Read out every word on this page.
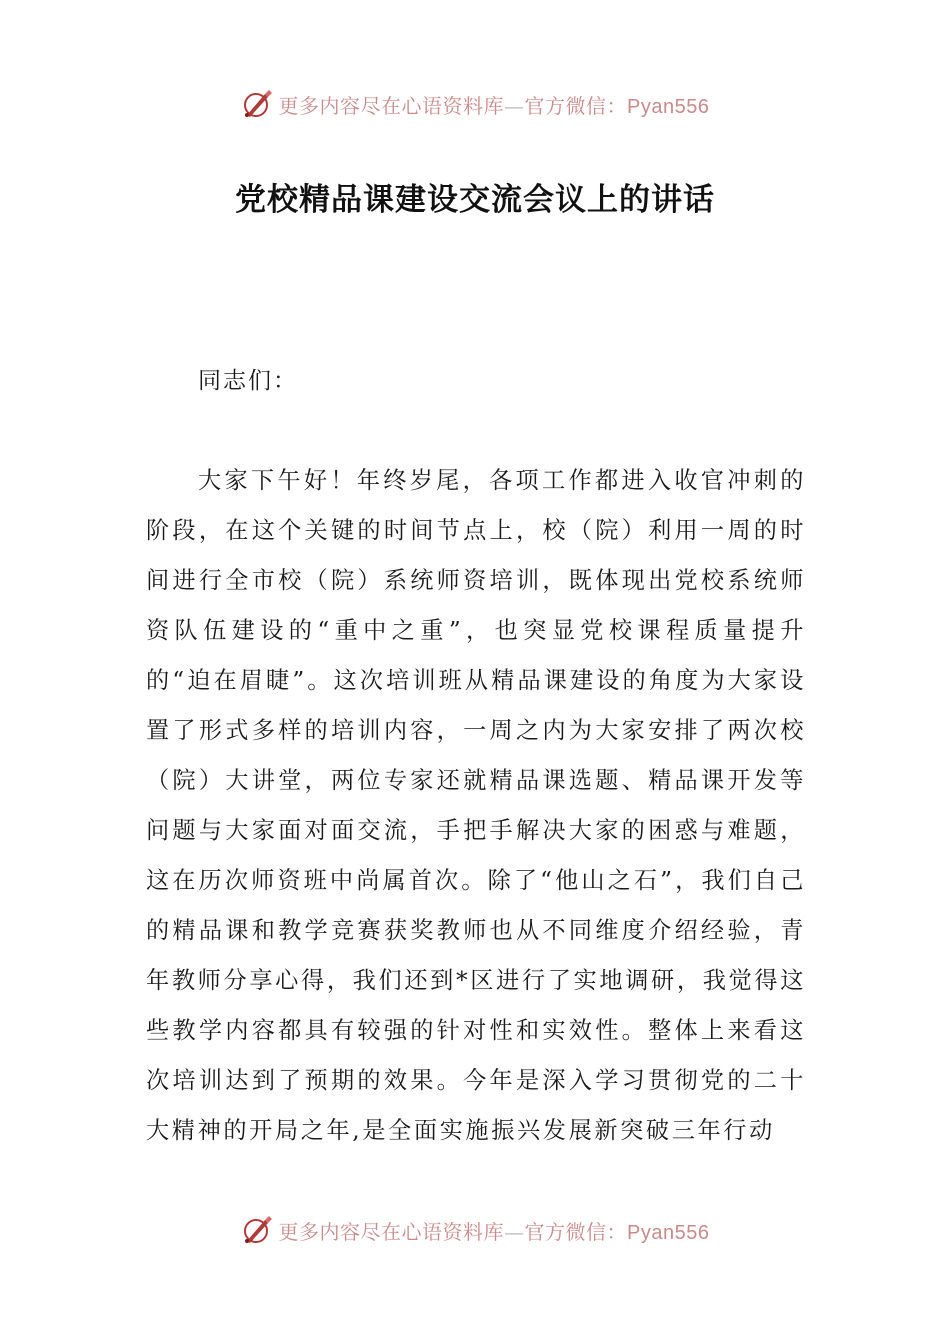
更多内容尽在心语资料库—官方微信：Pyan556
党校精品课建设交流会议上的讲话

同志们：

大家下午好！年终岁尾，各项工作都进入收官冲刺的阶段，在这个关键的时间节点上，校（院）利用一周的时间进行全市校（院）系统师资培训，既体现出党校系统师资队伍建设的“重中之重”，也突显党校课程质量提升的“迫在眉睫”。这次培训班从精品课建设的角度为大家设置了形式多样的培训内容，一周之内为大家安排了两次校（院）大讲堂，两位专家还就精品课选题、精品课开发等问题与大家面对面交流，手把手解决大家的困惑与难题，这在历次师资班中尚属首次。除了“他山之石”，我们自己的精品课和教学竞赛获奖教师也从不同维度介绍经验，青年教师分享心得，我们还到*区进行了实地调研，我觉得这些教学内容都具有较强的针对性和实效性。整体上来看这次培训达到了预期的效果。今年是深入学习贯彻党的二十大精神的开局之年,是全面实施振兴发展新突破三年行动

更多内容尽在心语资料库—官方微信：Pyan556
